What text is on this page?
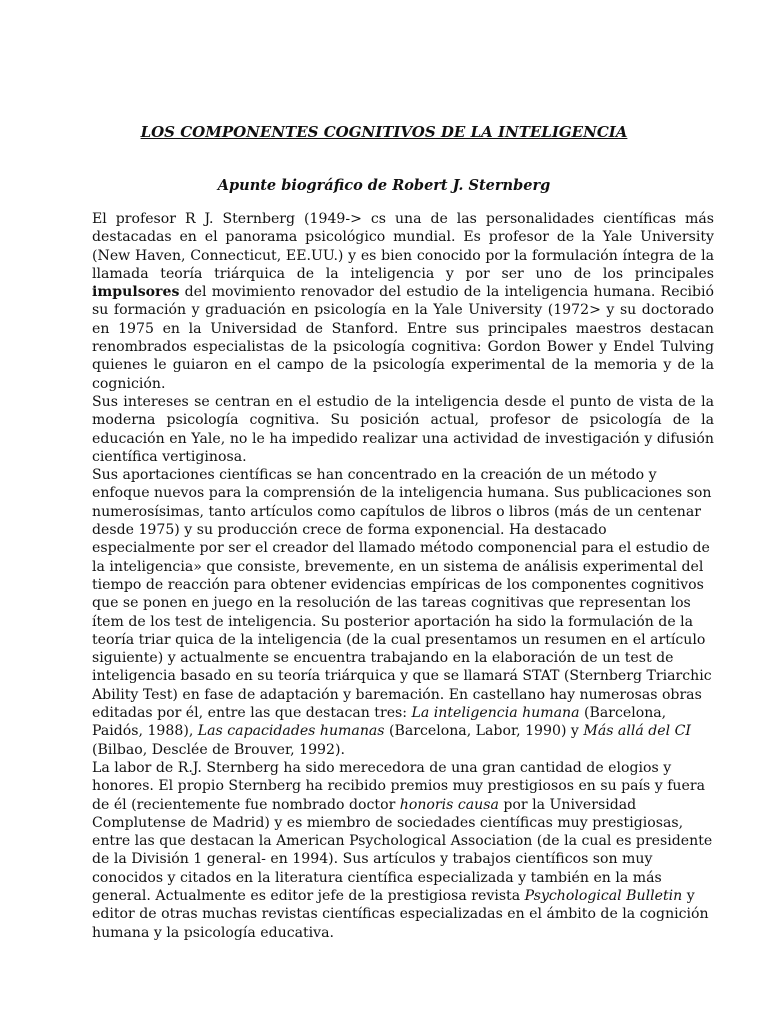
LOS COMPONENTES COGNITIVOS DE LA INTELIGENCIA
Apunte biográfico de Robert J. Sternberg

El profesor R J. Sternberg (1949-> cs una de las personalidades científicas más destacadas en el panorama psicológico mundial. Es profesor de la Yale University (New Haven, Connecticut, EE.UU.) y es bien conocido por la formulación íntegra de la llamada teoría triárquica de la inteligencia y por ser uno de los principales impulsores del movimiento renovador del estudio de la inteligencia humana. Recibió su formación y graduación en psicología en la Yale University (1972> y su doctorado en 1975 en la Universidad de Stanford. Entre sus principales maestros destacan renombrados especialistas de la psicología cognitiva: Gordon Bower y Endel Tulving quienes le guiaron en el campo de la psicología experimental de la memoria y de la cognición.

Sus intereses se centran en el estudio de la inteligencia desde el punto de vista de la moderna psicología cognitiva. Su posición actual, profesor de psicología de la educación en Yale, no le ha impedido realizar una actividad de investigación y difusión científica vertiginosa.

Sus aportaciones científicas se han concentrado en la creación de un método y enfoque nuevos para la comprensión de la inteligencia humana. Sus publicaciones son numerosísimas, tanto artículos como capítulos de libros o libros (más de un centenar desde 1975) y su producción crece de forma exponencial. Ha destacado especialmente por ser el creador del llamado método componencial para el estudio de la inteligencia» que consiste, brevemente, en un sistema de análisis experimental del tiempo de reacción para obtener evidencias empíricas de los componentes cognitivos que se ponen en juego en la resolución de las tareas cognitivas que representan los ítem de los test de inteligencia. Su posterior aportación ha sido la formulación de la teoría triar quica de la inteligencia (de la cual presentamos un resumen en el artículo siguiente) y actualmente se encuentra trabajando en la elaboración de un test de inteligencia basado en su teoría triárquica y que se llamará STAT (Sternberg Triarchic Ability Test) en fase de adaptación y baremación. En castellano hay numerosas obras editadas por él, entre las que destacan tres: La inteligencia humana (Barcelona, Paidós, 1988), Las capacidades humanas (Barcelona, Labor, 1990) y Más allá del CI (Bilbao, Desclée de Brouver, 1992).

La labor de R.J. Sternberg ha sido merecedora de una gran cantidad de elogios y honores. El propio Sternberg ha recibido premios muy prestigiosos en su país y fuera de él (recientemente fue nombrado doctor honoris causa por la Universidad Complutense de Madrid) y es miembro de sociedades científicas muy prestigiosas, entre las que destacan la American Psychological Association (de la cual es presidente de la División 1 general- en 1994). Sus artículos y trabajos científicos son muy conocidos y citados en la literatura científica especializada y también en la más general. Actualmente es editor jefe de la prestigiosa revista Psychological Bulletin y editor de otras muchas revistas científicas especializadas en el ámbito de la cognición humana y la psicología educativa.
